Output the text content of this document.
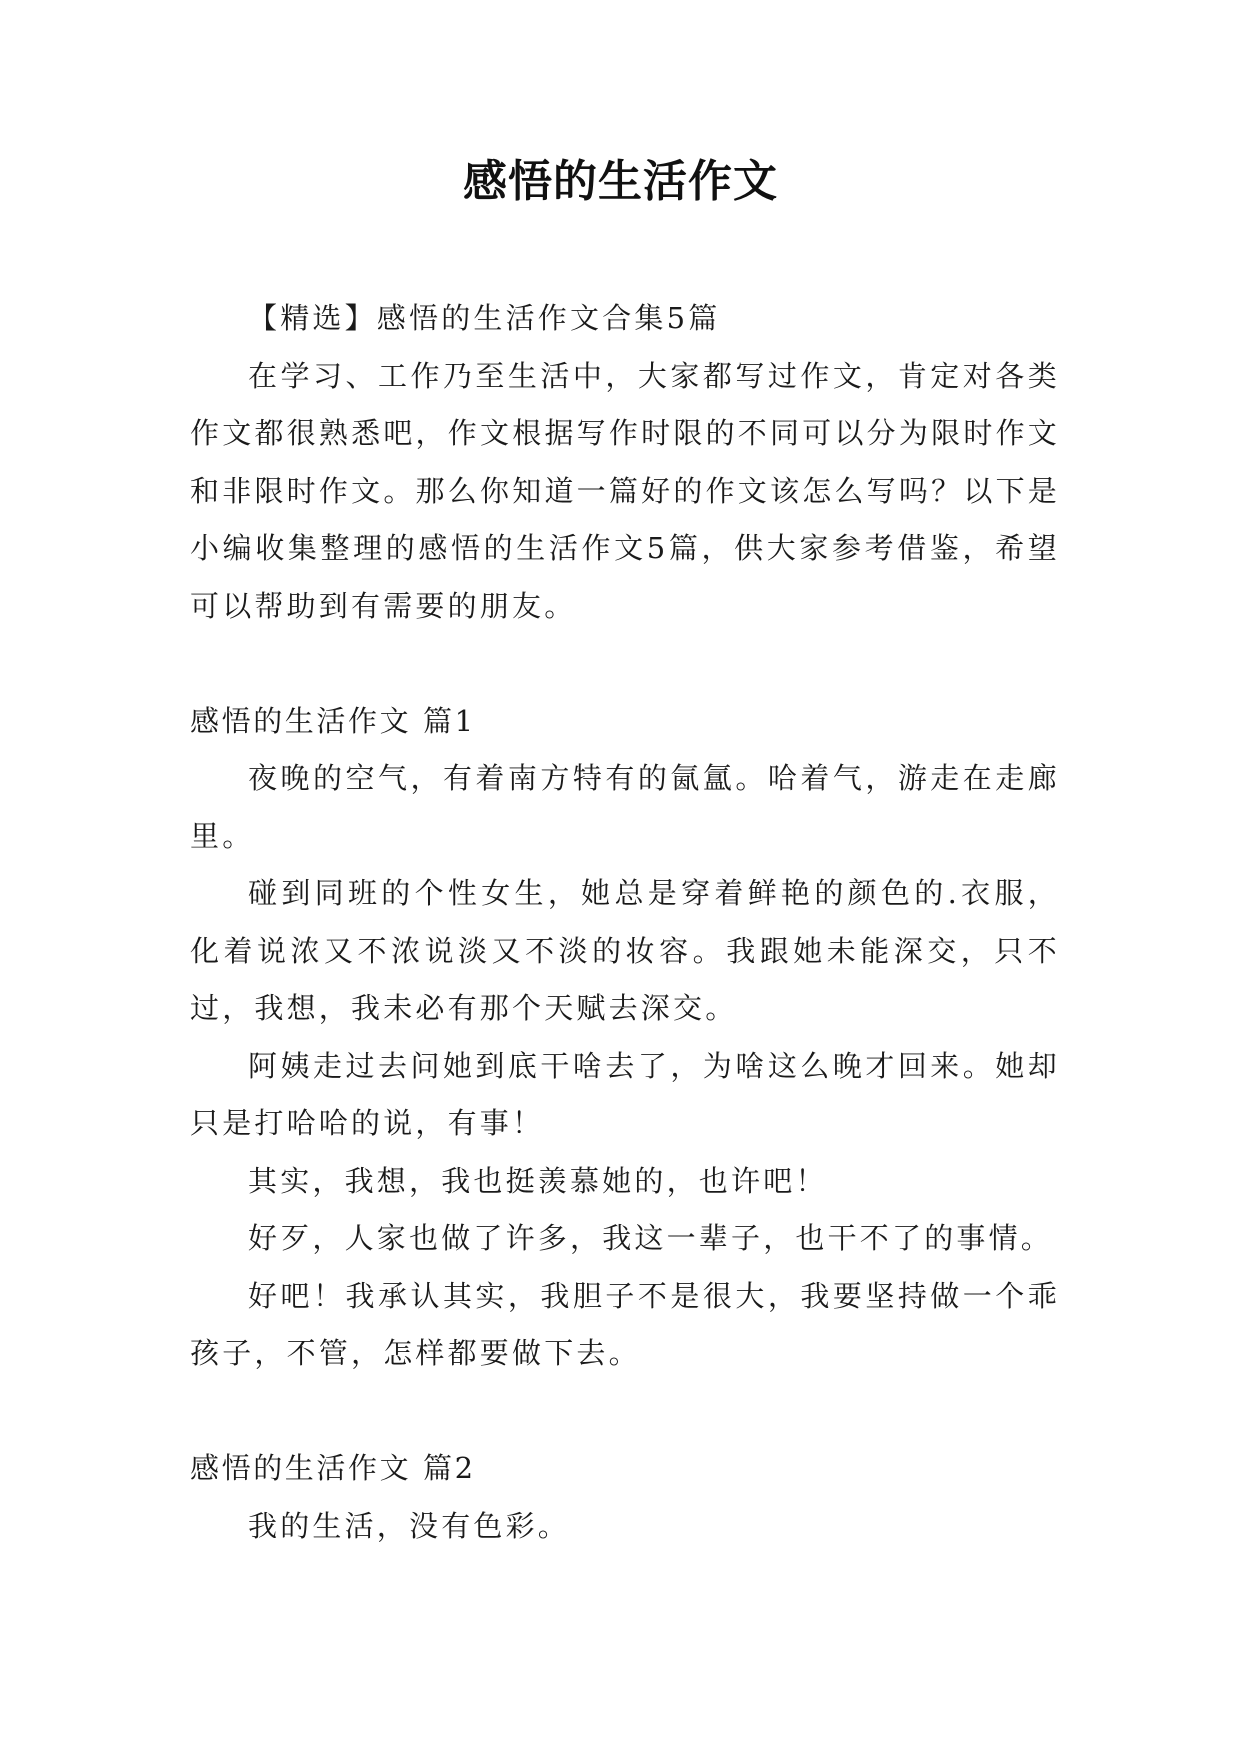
感悟的生活作文

【精选】感悟的生活作文合集5篇

在学习、工作乃至生活中，大家都写过作文，肯定对各类作文都很熟悉吧，作文根据写作时限的不同可以分为限时作文和非限时作文。那么你知道一篇好的作文该怎么写吗？以下是小编收集整理的感悟的生活作文5篇，供大家参考借鉴，希望可以帮助到有需要的朋友。

感悟的生活作文 篇1

夜晚的空气，有着南方特有的氤氲。哈着气，游走在走廊里。

碰到同班的个性女生，她总是穿着鲜艳的颜色的.衣服，化着说浓又不浓说淡又不淡的妆容。我跟她未能深交，只不过，我想，我未必有那个天赋去深交。

阿姨走过去问她到底干啥去了，为啥这么晚才回来。她却只是打哈哈的说，有事！

其实，我想，我也挺羡慕她的，也许吧！

好歹，人家也做了许多，我这一辈子，也干不了的事情。

好吧！我承认其实，我胆子不是很大，我要坚持做一个乖孩子，不管，怎样都要做下去。

感悟的生活作文 篇2

我的生活，没有色彩。
